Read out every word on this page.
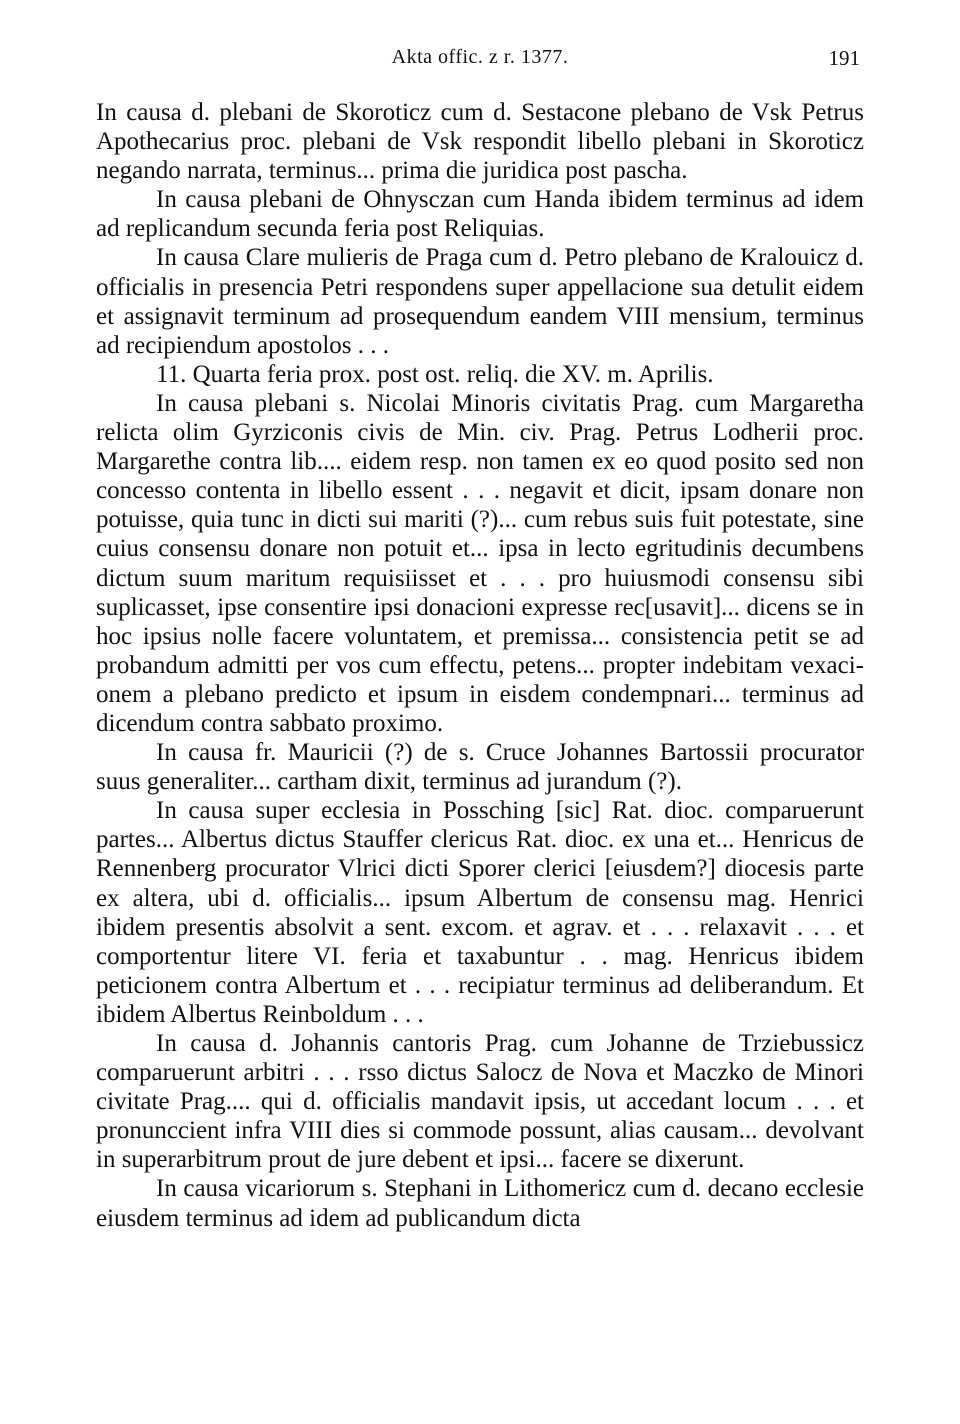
Akta offic. z r. 1377.	191

In causa d. plebani de Skoroticz cum d. Sestacone plebano de Vsk Petrus Apothecarius proc. plebani de Vsk respondit libello plebani in Skoroticz negando narrata, terminus... prima die juridica post pascha.

In causa plebani de Ohnysczan cum Handa ibidem terminus ad idem ad replicandum secunda feria post Reliquias.

In causa Clare mulieris de Praga cum d. Petro plebano de Kralouicz d. officialis in presencia Petri respondens super appellacione sua detulit eidem et assignavit terminum ad prosequendum eandem VIII mensium, terminus ad recipiendum apostolos . . .

11. Quarta feria prox. post ost. reliq. die XV. m. Aprilis.

In causa plebani s. Nicolai Minoris civitatis Prag. cum Margaretha relicta olim Gyrziconis civis de Min. civ. Prag. Petrus Lodherii proc. Margarethe contra lib.... eidem resp. non tamen ex eo quod posito sed non concesso contenta in libello essent . . . negavit et dicit, ipsam donare non potuisse, quia tunc in dicti sui mariti (?)... cum rebus suis fuit potestate, sine cuius consensu donare non potuit et... ipsa in lecto egritudinis decumbens dictum suum maritum requisiisset et . . . pro huiusmodi consensu sibi suplicasset, ipse consentire ipsi donacioni expresse rec[usavit]... dicens se in hoc ipsius nolle facere voluntatem, et premissa... consistencia petit se ad probandum admitti per vos cum effectu, petens... propter indebitam vexacionem a plebano predicto et ipsum in eisdem condempnari... terminus ad dicendum contra sabbato proximo.

In causa fr. Mauricii (?) de s. Cruce Johannes Bartossii procurator suus generaliter... cartham dixit, terminus ad jurandum (?).

In causa super ecclesia in Possching [sic] Rat. dioc. comparuerunt partes... Albertus dictus Stauffer clericus Rat. dioc. ex una et... Henricus de Rennenberg procurator Vlrici dicti Sporer clerici [eiusdem?] diocesis parte ex altera, ubi d. officialis... ipsum Albertum de consensu mag. Henrici ibidem presentis absolvit a sent. excom. et agrav. et . . . relaxavit . . . et comportentur litere VI. feria et taxabuntur . . mag. Henricus ibidem peticionem contra Albertum et . . . recipiatur terminus ad deliberandum. Et ibidem Albertus Reinboldum . . .

In causa d. Johannis cantoris Prag. cum Johanne de Trziebussicz comparuerunt arbitri . . . rsso dictus Salocz de Nova et Maczko de Minori civitate Prag.... qui d. officialis mandavit ipsis, ut accedant locum . . . et pronunccient infra VIII dies si commode possunt, alias causam... devolvant in superarbitrum prout de jure debent et ipsi... facere se dixerunt.

In causa vicariorum s. Stephani in Lithomericz cum d. decano ecclesie eiusdem terminus ad idem ad publicandum dicta
